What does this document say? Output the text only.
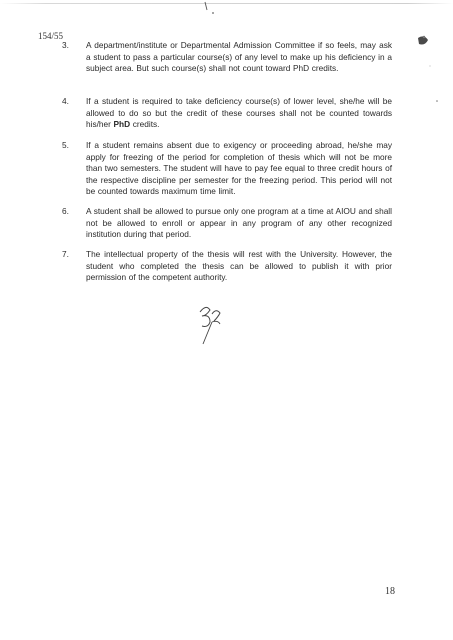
154/55
3. A department/institute or Departmental Admission Committee if so feels, may ask a student to pass a particular course(s) of any level to make up his deficiency in a subject area. But such course(s) shall not count toward PhD credits.
4. If a student is required to take deficiency course(s) of lower level, she/he will be allowed to do so but the credit of these courses shall not be counted towards his/her PhD credits.
5. If a student remains absent due to exigency or proceeding abroad, he/she may apply for freezing of the period for completion of thesis which will not be more than two semesters. The student will have to pay fee equal to three credit hours of the respective discipline per semester for the freezing period. This period will not be counted towards maximum time limit.
6. A student shall be allowed to pursue only one program at a time at AIOU and shall not be allowed to enroll or appear in any program of any other recognized institution during that period.
7. The intellectual property of the thesis will rest with the University. However, the student who completed the thesis can be allowed to publish it with prior permission of the competent authority.
18
